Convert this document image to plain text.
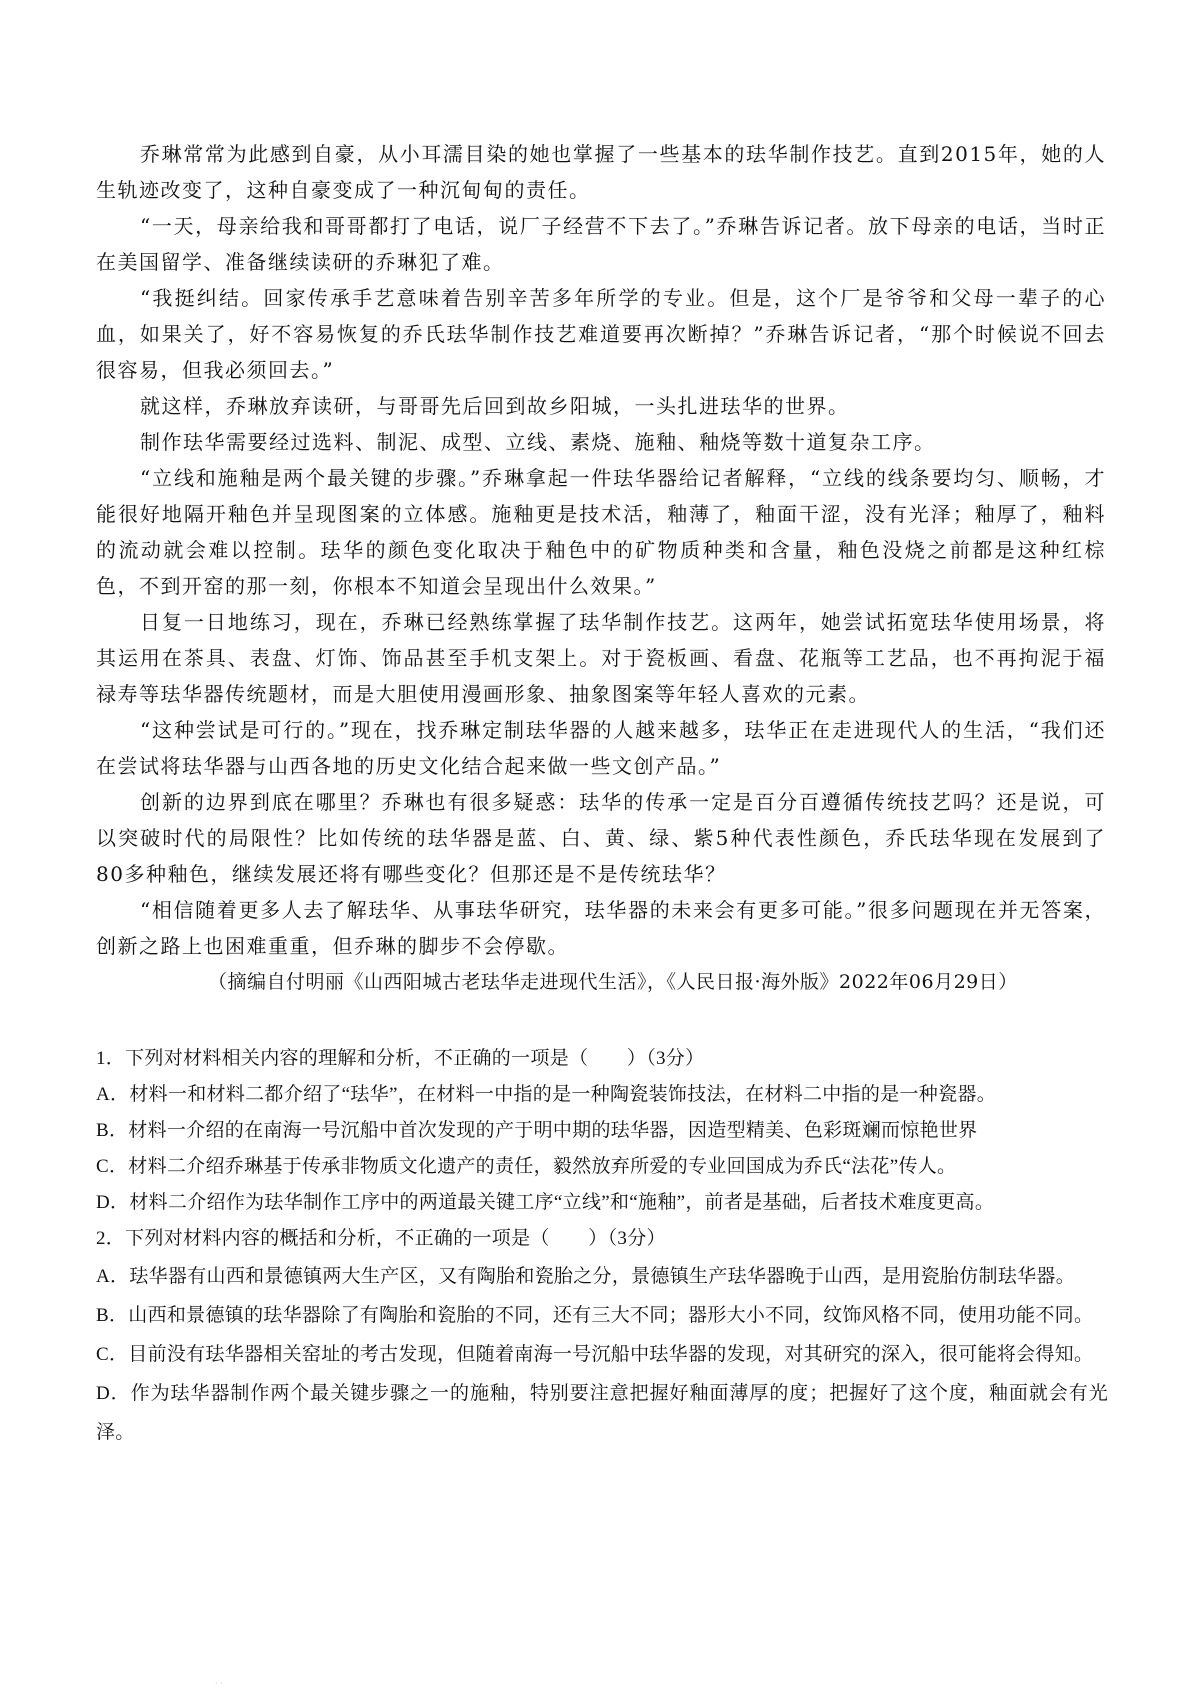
乔琳常常为此感到自豪，从小耳濡目染的她也掌握了一些基本的珐华制作技艺。直到2015年，她的人生轨迹改变了，这种自豪变成了一种沉甸甸的责任。

“一天，母亲给我和哥哥都打了电话，说厂子经营不下去了。”乔琳告诉记者。放下母亲的电话，当时正在美国留学、准备继续读研的乔琳犯了难。

“我挺纠结。回家传承手艺意味着告别辛苦多年所学的专业。但是，这个厂是爷爷和父母一辈子的心血，如果关了，好不容易恢复的乔氏珐华制作技艺难道要再次断掉？”乔琳告诉记者，“那个时候说不回去很容易，但我必须回去。”

就这样，乔琳放弃读研，与哥哥先后回到故乡阳城，一头扎进珐华的世界。

制作珐华需要经过选料、制泥、成型、立线、素烧、施釉、釉烧等数十道复杂工序。

“立线和施釉是两个最关键的步骤。”乔琳拿起一件珐华器给记者解释，“立线的线条要均匀、顺畅，才能很好地隔开釉色并呈现图案的立体感。施釉更是技术活，釉薄了，釉面干涩，没有光泽；釉厚了，釉料的流动就会难以控制。珐华的颜色变化取决于釉色中的矿物质种类和含量，釉色没烧之前都是这种红棕色，不到开窑的那一刻，你根本不知道会呈现出什么效果。”

日复一日地练习，现在，乔琳已经熟练掌握了珐华制作技艺。这两年，她尝试拓宽珐华使用场景，将其运用在茶具、表盘、灯饰、饰品甚至手机支架上。对于瓷板画、看盘、花瓶等工艺品，也不再拘泥于福禄寿等珐华器传统题材，而是大胆使用漫画形象、抽象图案等年轻人喜欢的元素。

“这种尝试是可行的。”现在，找乔琳定制珐华器的人越来越多，珐华正在走进现代人的生活，“我们还在尝试将珐华器与山西各地的历史文化结合起来做一些文创产品。”

创新的边界到底在哪里？乔琳也有很多疑惑：珐华的传承一定是百分百遵循传统技艺吗？还是说，可以突破时代的局限性？比如传统的珐华器是蓝、白、黄、绿、紫5种代表性颜色，乔氏珐华现在发展到了80多种釉色，继续发展还将有哪些变化？但那还是不是传统珐华？

“相信随着更多人去了解珐华、从事珐华研究，珐华器的未来会有更多可能。”很多问题现在并无答案，创新之路上也困难重重，但乔琳的脚步不会停歇。

（摘编自付明丽《山西阳城古老珐华走进现代生活》，《人民日报·海外版》2022年06月29日）

1．下列对材料相关内容的理解和分析，不正确的一项是（　　）（3分）

A．材料一和材料二都介绍了“珐华”，在材料一中指的是一种陶瓷装饰技法，在材料二中指的是一种瓷器。

B．材料一介绍的在南海一号沉船中首次发现的产于明中期的珐华器，因造型精美、色彩斑斓而惊艳世界

C．材料二介绍乔琳基于传承非物质文化遗产的责任，毅然放弃所爱的专业回国成为乔氏“法花”传人。

D．材料二介绍作为珐华制作工序中的两道最关键工序“立线”和“施釉”，前者是基础，后者技术难度更高。

2．下列对材料内容的概括和分析，不正确的一项是（　　）（3分）

A．珐华器有山西和景德镇两大生产区，又有陶胎和瓷胎之分，景德镇生产珐华器晚于山西，是用瓷胎仿制珐华器。

B．山西和景德镇的珐华器除了有陶胎和瓷胎的不同，还有三大不同；器形大小不同，纹饰风格不同，使用功能不同。

C．目前没有珐华器相关窑址的考古发现，但随着南海一号沉船中珐华器的发现，对其研究的深入，很可能将会得知。

D．作为珐华器制作两个最关键步骤之一的施釉，特别要注意把握好釉面薄厚的度；把握好了这个度，釉面就会有光泽。

· ·
